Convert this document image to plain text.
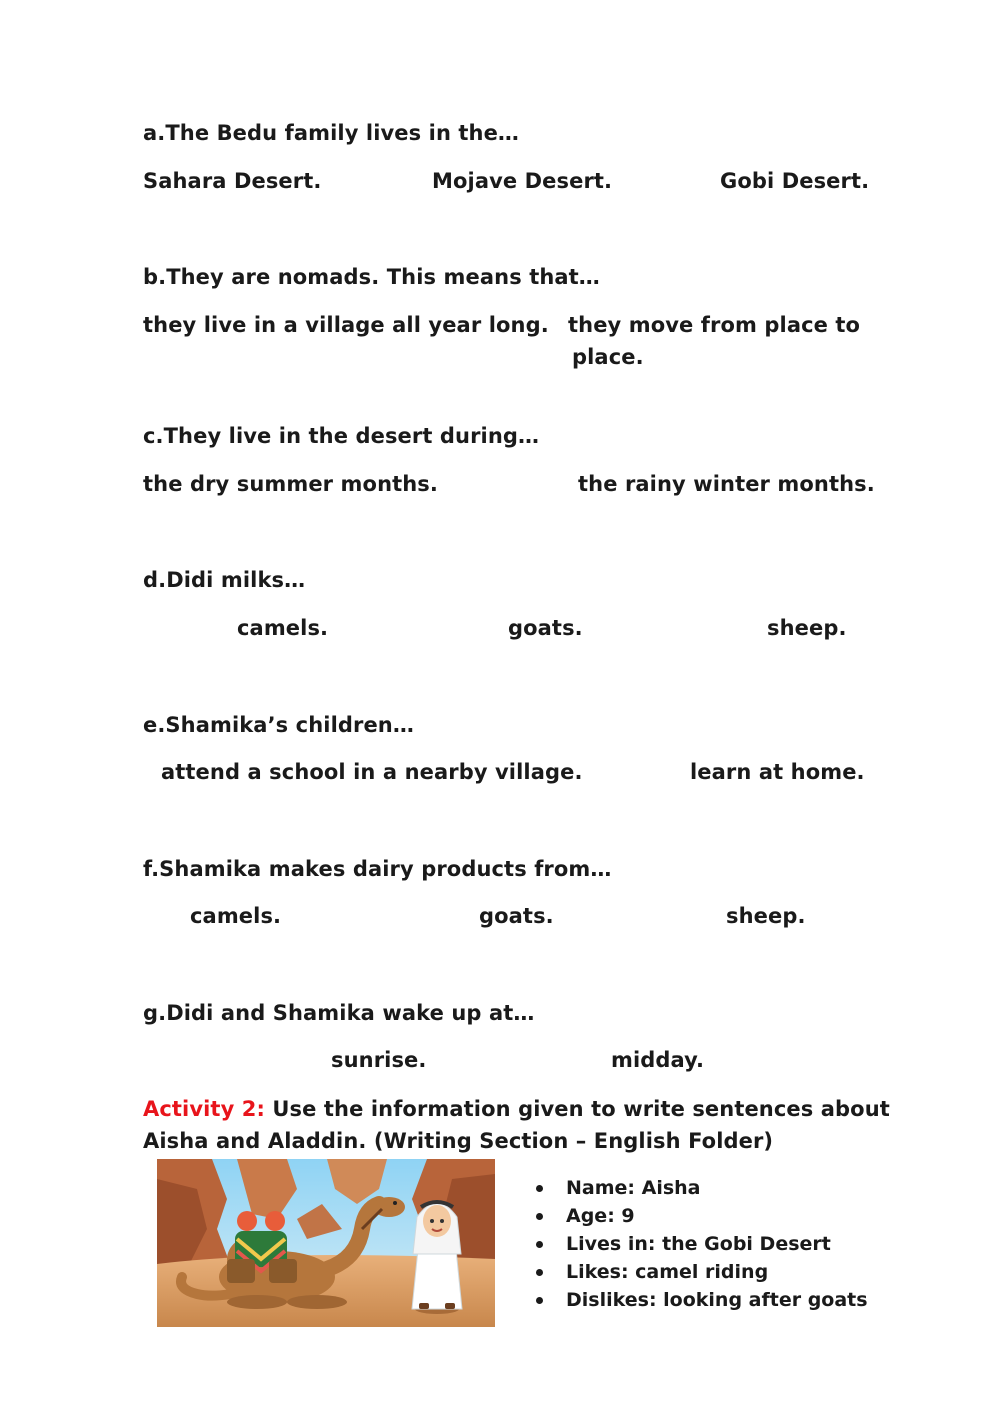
a.The Bedu family lives in the…
Sahara Desert.	Mojave Desert.	Gobi Desert.
b.They are nomads. This means that…
they live in a village all year long. they move from place to
place.
c.They live in the desert during…
the dry summer months.	the rainy winter months.
d.Didi milks…
camels.	goats.	sheep.
e.Shamika’s children…
attend a school in a nearby village.	learn at home.
f.Shamika makes dairy products from…
camels.	goats.	sheep.
g.Didi and Shamika wake up at…
sunrise.	midday.
Activity 2: Use the information given to write sentences about
Aisha and Aladdin. (Writing Section – English Folder)
Name: Aisha
Age: 9
Lives in: the Gobi Desert
Likes: camel riding
Dislikes: looking after goats
